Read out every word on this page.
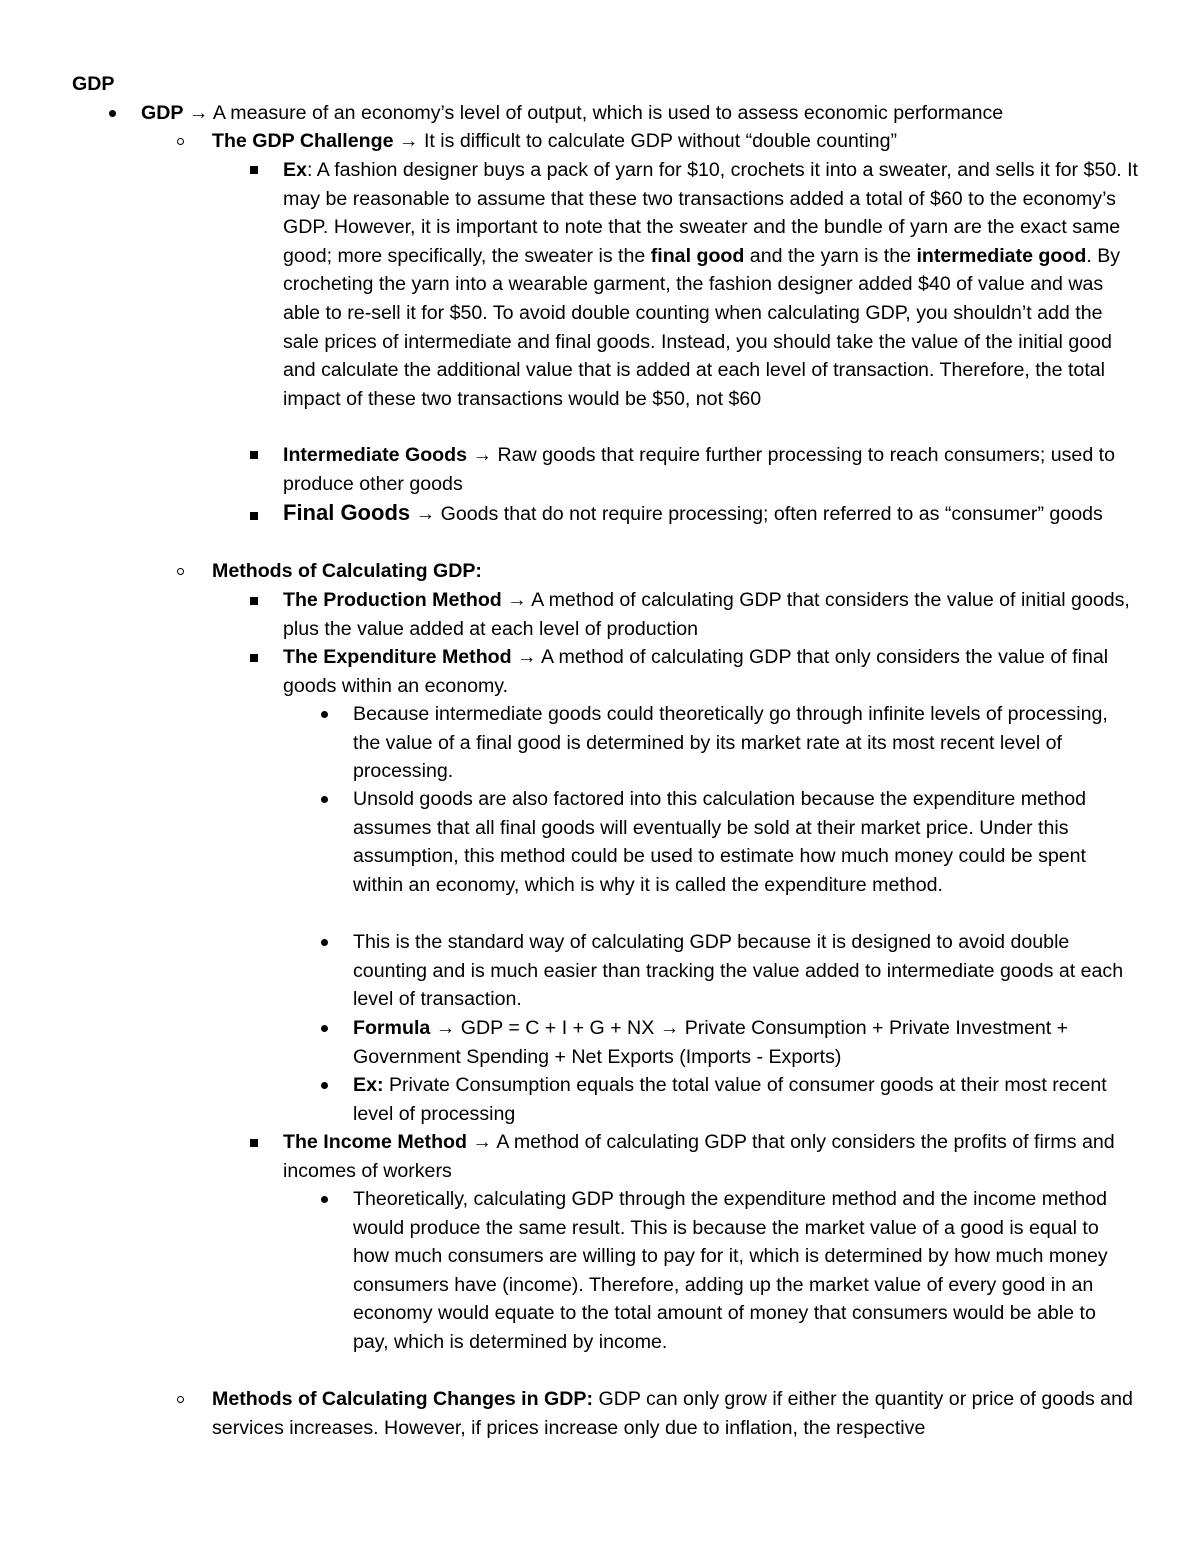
GDP
GDP → A measure of an economy’s level of output, which is used to assess economic performance
The GDP Challenge → It is difficult to calculate GDP without “double counting”
Ex: A fashion designer buys a pack of yarn for $10, crochets it into a sweater, and sells it for $50. It may be reasonable to assume that these two transactions added a total of $60 to the economy’s GDP. However, it is important to note that the sweater and the bundle of yarn are the exact same good; more specifically, the sweater is the final good and the yarn is the intermediate good. By crocheting the yarn into a wearable garment, the fashion designer added $40 of value and was able to re-sell it for $50. To avoid double counting when calculating GDP, you shouldn’t add the sale prices of intermediate and final goods. Instead, you should take the value of the initial good and calculate the additional value that is added at each level of transaction. Therefore, the total impact of these two transactions would be $50, not $60
Intermediate Goods → Raw goods that require further processing to reach consumers; used to produce other goods
Final Goods → Goods that do not require processing; often referred to as “consumer” goods
Methods of Calculating GDP:
The Production Method → A method of calculating GDP that considers the value of initial goods, plus the value added at each level of production
The Expenditure Method → A method of calculating GDP that only considers the value of final goods within an economy.
Because intermediate goods could theoretically go through infinite levels of processing, the value of a final good is determined by its market rate at its most recent level of processing.
Unsold goods are also factored into this calculation because the expenditure method assumes that all final goods will eventually be sold at their market price. Under this assumption, this method could be used to estimate how much money could be spent within an economy, which is why it is called the expenditure method.
This is the standard way of calculating GDP because it is designed to avoid double counting and is much easier than tracking the value added to intermediate goods at each level of transaction.
Formula → GDP = C + I + G + NX → Private Consumption + Private Investment + Government Spending + Net Exports (Imports - Exports)
Ex: Private Consumption equals the total value of consumer goods at their most recent level of processing
The Income Method → A method of calculating GDP that only considers the profits of firms and incomes of workers
Theoretically, calculating GDP through the expenditure method and the income method would produce the same result. This is because the market value of a good is equal to how much consumers are willing to pay for it, which is determined by how much money consumers have (income). Therefore, adding up the market value of every good in an economy would equate to the total amount of money that consumers would be able to pay, which is determined by income.
Methods of Calculating Changes in GDP: GDP can only grow if either the quantity or price of goods and services increases. However, if prices increase only due to inflation, the respective
